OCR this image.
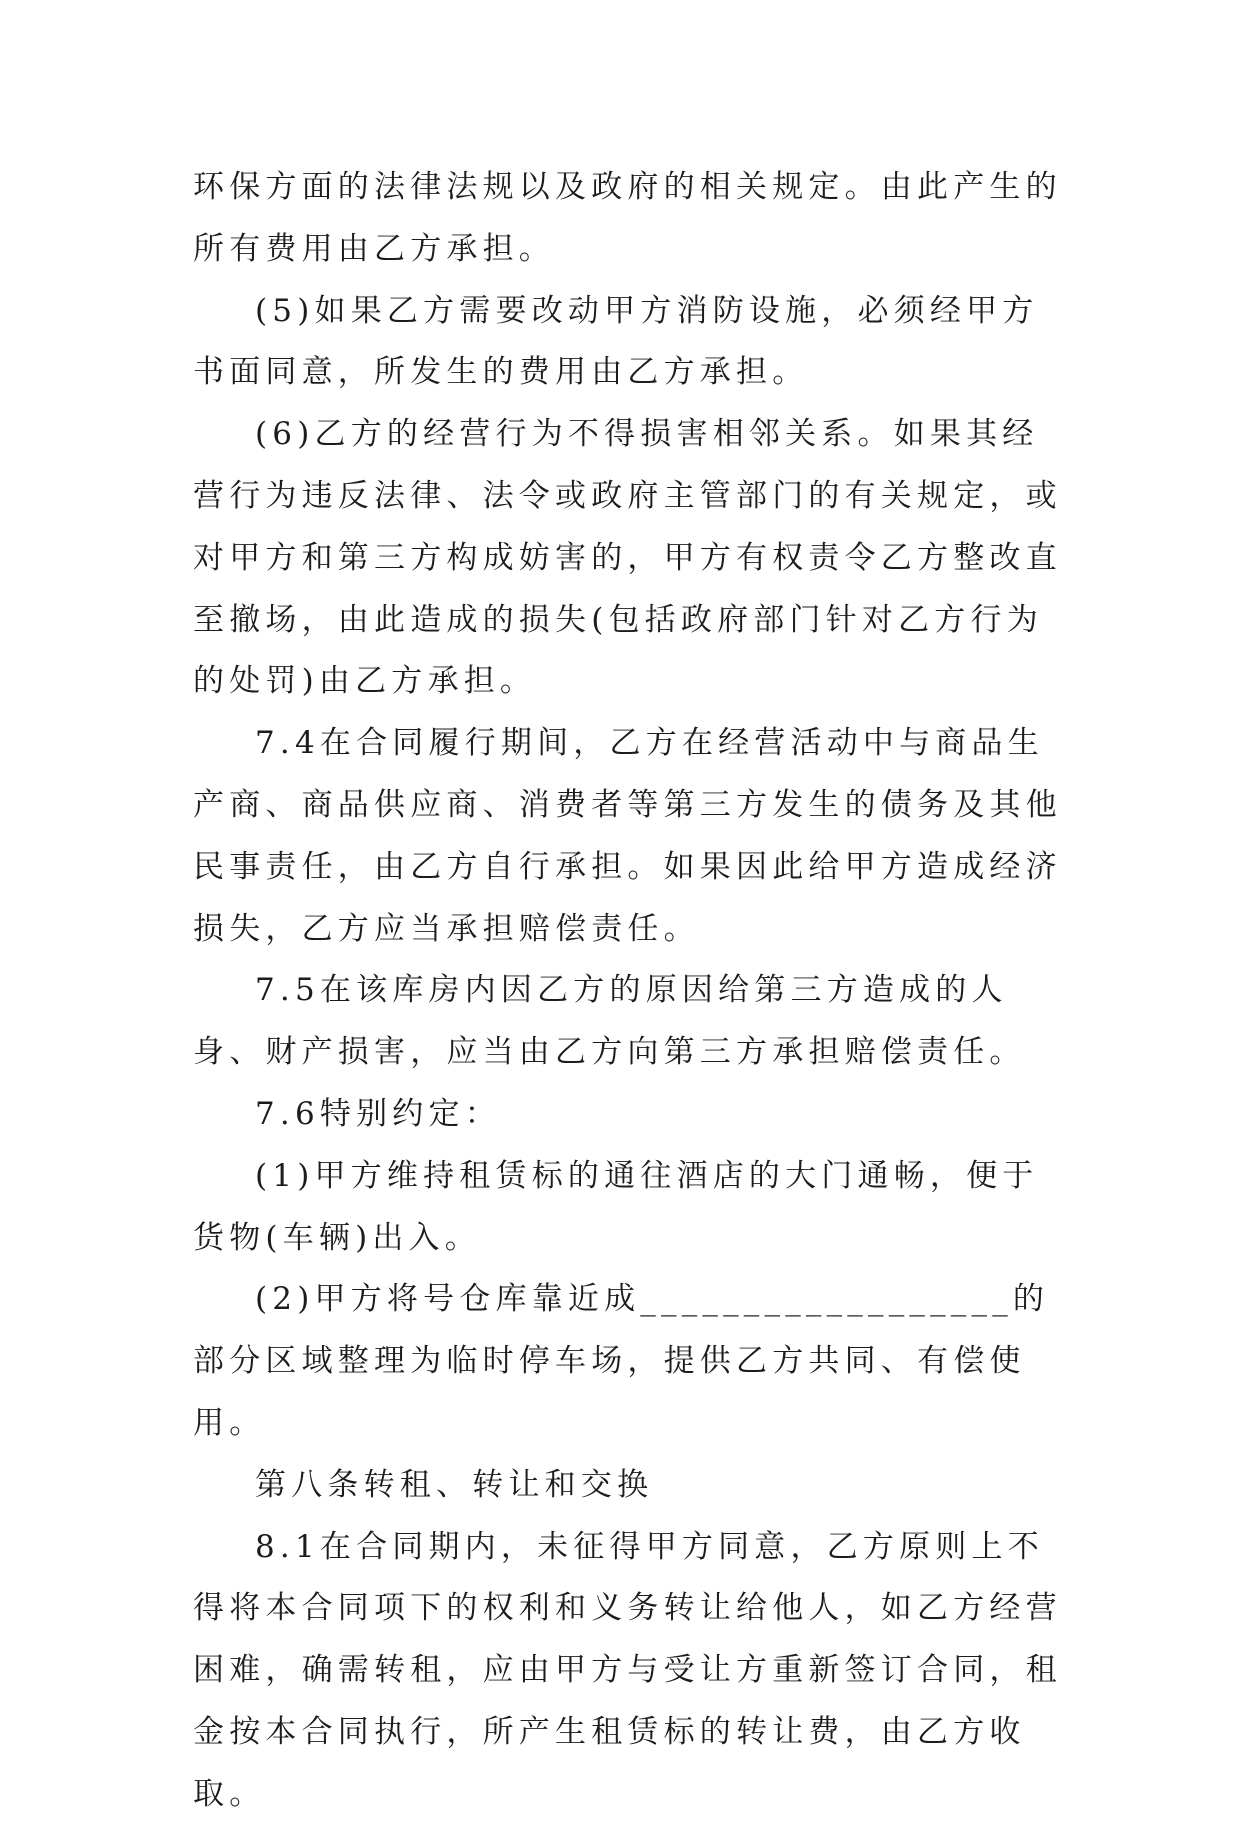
环保方面的法律法规以及政府的相关规定。由此产生的所有费用由乙方承担。

(5)如果乙方需要改动甲方消防设施，必须经甲方书面同意，所发生的费用由乙方承担。

(6)乙方的经营行为不得损害相邻关系。如果其经营行为违反法律、法令或政府主管部门的有关规定，或对甲方和第三方构成妨害的，甲方有权责令乙方整改直至撤场，由此造成的损失(包括政府部门针对乙方行为的处罚)由乙方承担。

7.4在合同履行期间，乙方在经营活动中与商品生产商、商品供应商、消费者等第三方发生的债务及其他民事责任，由乙方自行承担。如果因此给甲方造成经济损失，乙方应当承担赔偿责任。

7.5在该库房内因乙方的原因给第三方造成的人身、财产损害，应当由乙方向第三方承担赔偿责任。

7.6特别约定：

(1)甲方维持租赁标的通往酒店的大门通畅，便于货物(车辆)出入。

(2)甲方将号仓库靠近成__________________的部分区域整理为临时停车场，提供乙方共同、有偿使用。

第八条转租、转让和交换

8.1在合同期内，未征得甲方同意，乙方原则上不得将本合同项下的权利和义务转让给他人，如乙方经营困难，确需转租，应由甲方与受让方重新签订合同，租金按本合同执行，所产生租赁标的转让费，由乙方收取。
